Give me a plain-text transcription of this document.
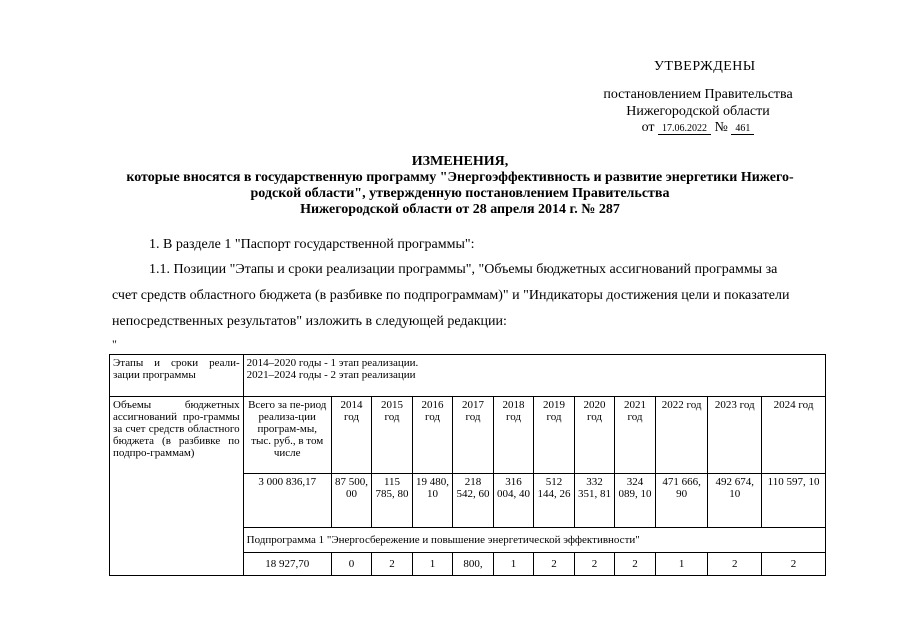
УТВЕРЖДЕНЫ
постановлением Правительства
Нижегородской области
от 17.06.2022 № 461
ИЗМЕНЕНИЯ,
которые вносятся в государственную программу "Энергоэффективность и развитие энергетики Нижего-
родской области", утвержденную постановлением Правительства
Нижегородской области от 28 апреля 2014 г. № 287
1. В разделе 1 "Паспорт государственной программы":
1.1. Позиции "Этапы и сроки реализации программы", "Объемы бюджетных ассигнований программы за
счет средств областного бюджета (в разбивке по подпрограммам)" и "Индикаторы достижения цели и показатели
непосредственных результатов" изложить в следующей редакции:
"
Этапы и сроки реали-зации программы	2014–2020 годы - 1 этап реализации.
2021–2024 годы - 2 этап реализации											

Объемы бюджетных ассигнований про-граммы за счет средств областного бюджета (в разбивке по подпро-граммам)	Всего за пе-риод реализа-ции програм-мы, тыс. руб., в том числе	2014 год	2015 год	2016 год	2017 год	2018 год	2019 год	2020 год	2021 год	2022 год	2023 год	2024 год
	3 000 836,17	87 500, 00	115 785, 80	19 480, 10	218 542, 60	316 004, 40	512 144, 26	332 351, 81	324 089, 10	471 666, 90	492 674, 10	110 597, 10
	Подпрограмма 1 "Энергосбережение и повышение энергетической эффективности"											
	18 927,70	0	2	1	800,	1	2	2	2	1	2	2
